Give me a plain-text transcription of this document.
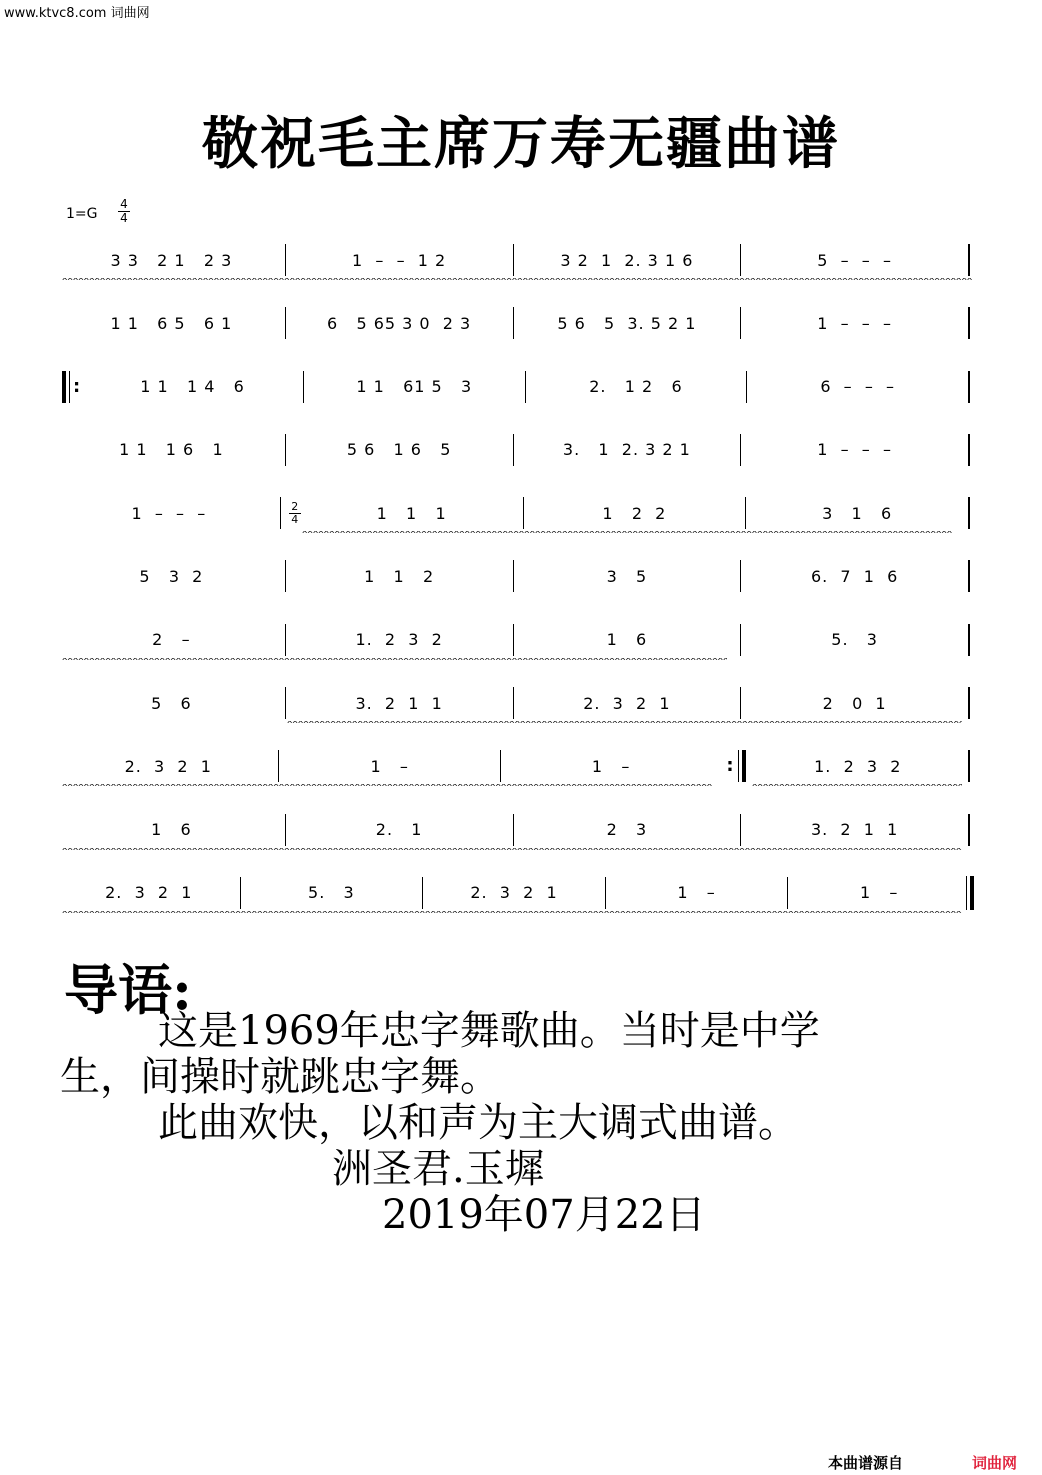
www.ktvc8.com 词曲网
敬祝毛主席万寿无疆曲谱
$1=G \frac{4}{4}$
3 3   2 1   2 3	1  –  –  1 2	3 2  1  2. 3 1 6	5  –  –  –
^^^^^^^^^^^^^^^^^^^^^^^^^^^^^^^^^^^^^^^^^^^^^^^^^^^^^^^^^^^^^^^^^^^^^^^^^^^^^^^^^^^^^^^^^^^^^^^^^^^^^^^^^^^^^^^^^^^^^^^^^^^^^^^^^^^^^^^^^^^^^^^^^^^^^^^^^^^^^^^^^^^^^^^^^^^^^^^^^^^^^
1 1   6 5   6 1	6   5 65 3 0  2 3	5 6   5  3. 5 2 1	1  –  –  –
:	1 1   1 4   6	1 1   61 5   3	2.   1 2   6	6  –  –  –
1 1   1 6   1	5 6   1 6   5	3.   1  2. 3 2 1	1  –  –  –
1  –  –  –	2
4	1   1   1	1   2  2	3   1   6
^^^^^^^^^^^^^^^^^^^^^^^^^^^^^^^^^^^^^^^^^^^^^^^^^^^^^^^^^^^^^^^^^^^^^^^^^^^^^^^^^^^^^^^^^^^^^^^^^^^^^^^^^^^^^^^^^^^^^^^^^^^^^^^^^^^^^^^^^^^^^^^^^^^^^^^^^^^^^^^^^^^^^^^^^^^^^^^^^^^^^
5   3  2	1   1   2	3   5	6.  7  1  6
2   –	1.  2  3  2	1   6	5.   3
^^^^^^^^^^^^^^^^^^^^^^^^^^^^^^^^^^^^^^^^^^^^^^^^^^^^^^^^^^^^^^^^^^^^^^^^^^^^^^^^^^^^^^^^^^^^^^^^^^^^^^^^^^^^^^^^^^^^^^^^^^^^^^^^^^^^^^^^^^^^^^^^^^^^^^^^^^^^^^^^^^^^^^^^^^^^^^^^^^^^^
5   6	3.  2  1  1	2.  3  2  1	2   0  1
^^^^^^^^^^^^^^^^^^^^^^^^^^^^^^^^^^^^^^^^^^^^^^^^^^^^^^^^^^^^^^^^^^^^^^^^^^^^^^^^^^^^^^^^^^^^^^^^^^^^^^^^^^^^^^^^^^^^^^^^^^^^^^^^^^^^^^^^^^^^^^^^^^^^^^^^^^^^^^^^^^^^^^^^^^^^^^^^^^^^^
2.  3  2  1	1   –	1   –	:	1.  2  3  2
^^^^^^^^^^^^^^^^^^^^^^^^^^^^^^^^^^^^^^^^^^^^^^^^^^^^^^^^^^^^^^^^^^^^^^^^^^^^^^^^^^^^^^^^^^^^^^^^^^^^^^^^^^^^^^^^^^^^^^^^^^^^^^^^^^^^^^^^^^^^^^^^^^^^^^^^^^^^^^^^^^^^^^^^^^^^^^^^^^^^^
^^^^^^^^^^^^^^^^^^^^^^^^^^^^^^^^^^^^^^^^^^^^^^^^^^^^^^^^^^^^^^^^^^^^^^^^^^^^^^^^^^^^^^^^^^^^^^^^^^^^^^^^^^^^^^^^^^^^^^^^^^^^^^^^^^^^^^^^^^^^^^^^^^^^^^^^^^^^^^^^^^^^^^^^^^^^^^^^^^^^^
1   6	2.   1	2   3	3.  2  1  1
^^^^^^^^^^^^^^^^^^^^^^^^^^^^^^^^^^^^^^^^^^^^^^^^^^^^^^^^^^^^^^^^^^^^^^^^^^^^^^^^^^^^^^^^^^^^^^^^^^^^^^^^^^^^^^^^^^^^^^^^^^^^^^^^^^^^^^^^^^^^^^^^^^^^^^^^^^^^^^^^^^^^^^^^^^^^^^^^^^^^^
2.  3  2  1	5.   3	2.  3  2  1	1   –	1   –
^^^^^^^^^^^^^^^^^^^^^^^^^^^^^^^^^^^^^^^^^^^^^^^^^^^^^^^^^^^^^^^^^^^^^^^^^^^^^^^^^^^^^^^^^^^^^^^^^^^^^^^^^^^^^^^^^^^^^^^^^^^^^^^^^^^^^^^^^^^^^^^^^^^^^^^^^^^^^^^^^^^^^^^^^^^^^^^^^^^^^
导语:
这是1969年忠字舞歌曲。当时是中学
生，间操时就跳忠字舞。
此曲欢快，以和声为主大调式曲谱。
洲圣君.玉墀
2019年07月22日
本曲谱源自	词曲网
